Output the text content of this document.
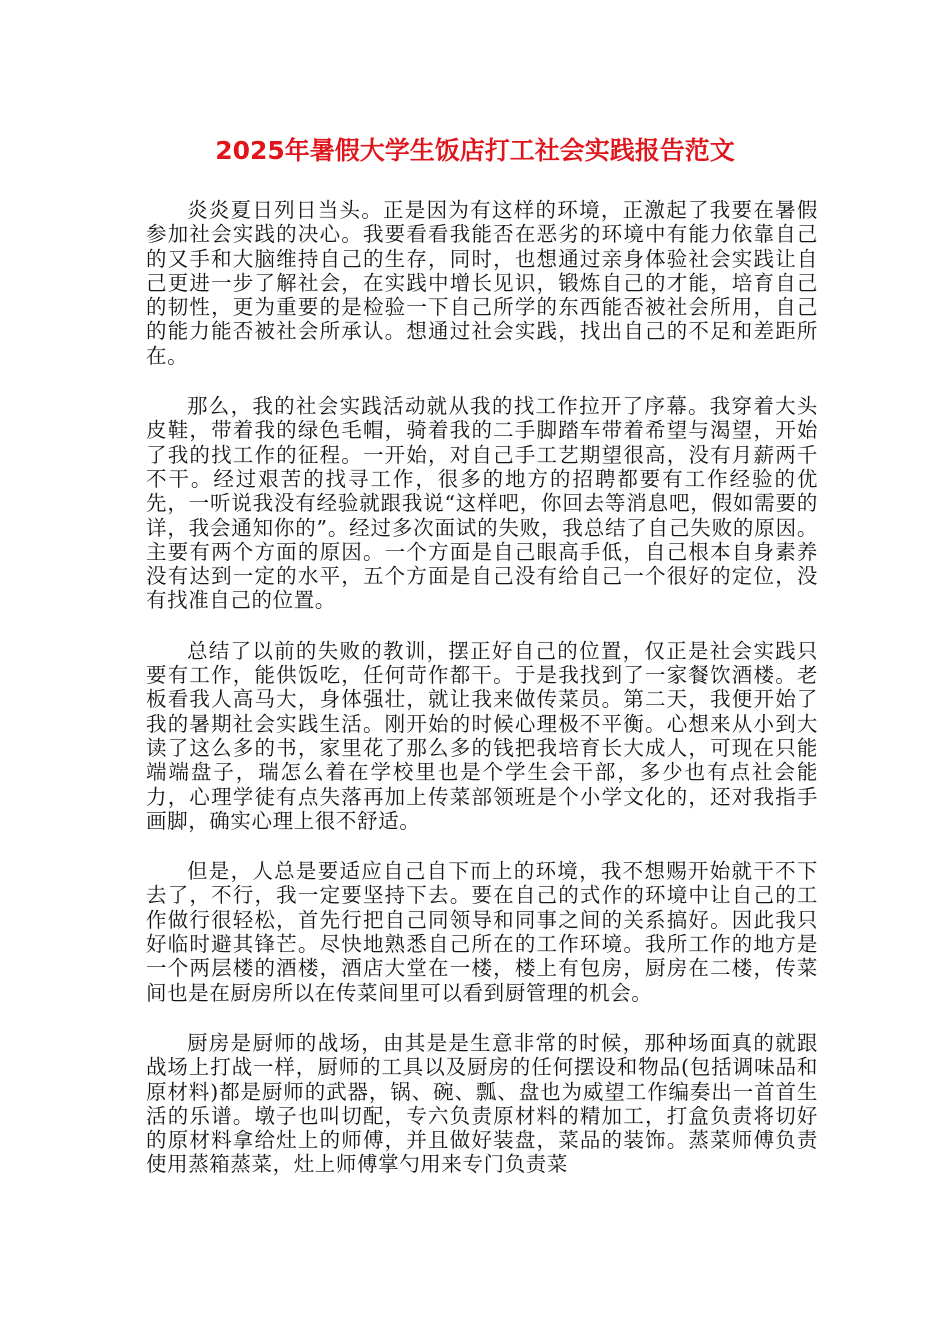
2025年暑假大学生饭店打工社会实践报告范文

炎炎夏日列日当头。正是因为有这样的环境，正激起了我要在暑假参加社会实践的决心。我要看看我能否在恶劣的环境中有能力依靠自己的又手和大脑维持自己的生存，同时，也想通过亲身体验社会实践让自己更进一步了解社会，在实践中增长见识，锻炼自己的才能，培育自己的韧性，更为重要的是检验一下自己所学的东西能否被社会所用，自己的能力能否被社会所承认。想通过社会实践，找出自己的不足和差距所在。

那么，我的社会实践活动就从我的找工作拉开了序幕。我穿着大头皮鞋，带着我的绿色毛帽，骑着我的二手脚踏车带着希望与渴望，开始了我的找工作的征程。一开始，对自己手工艺期望很高，没有月薪两千不干。经过艰苦的找寻工作，很多的地方的招聘都要有工作经验的优先，一听说我没有经验就跟我说“这样吧，你回去等消息吧，假如需要的详，我会通知你的”。经过多次面试的失败，我总结了自己失败的原因。主要有两个方面的原因。一个方面是自己眼高手低，自己根本自身素养没有达到一定的水平，五个方面是自己没有给自己一个很好的定位，没有找准自己的位置。

总结了以前的失败的教训，摆正好自己的位置，仅正是社会实践只要有工作，能供饭吃，任何苛作都干。于是我找到了一家餐饮酒楼。老板看我人高马大，身体强壮，就让我来做传菜员。第二天，我便开始了我的暑期社会实践生活。刚开始的时候心理极不平衡。心想来从小到大读了这么多的书，家里花了那么多的钱把我培育长大成人，可现在只能端端盘子，瑞怎么着在学校里也是个学生会干部，多少也有点社会能力，心理学徒有点失落再加上传菜部领班是个小学文化的，还对我指手画脚，确实心理上很不舒适。

但是，人总是要适应自己自下而上的环境，我不想赐开始就干不下去了，不行，我一定要坚持下去。要在自己的式作的环境中让自己的工作做行很轻松，首先行把自己同领导和同事之间的关系搞好。因此我只好临时避其锋芒。尽快地熟悉自己所在的工作环境。我所工作的地方是一个两层楼的酒楼，酒店大堂在一楼，楼上有包房，厨房在二楼，传菜间也是在厨房所以在传菜间里可以看到厨管理的机会。

厨房是厨师的战场，由其是是生意非常的时候，那种场面真的就跟战场上打战一样，厨师的工具以及厨房的任何摆设和物品(包括调味品和原材料)都是厨师的武器，锅、碗、瓢、盘也为威望工作编奏出一首首生活的乐谱。墩子也叫切配，专六负责原材料的精加工，打盒负责将切好的原材料拿给灶上的师傅，并且做好装盘，菜品的装饰。蒸菜师傅负责使用蒸箱蒸菜，灶上师傅掌勺用来专门负责菜
